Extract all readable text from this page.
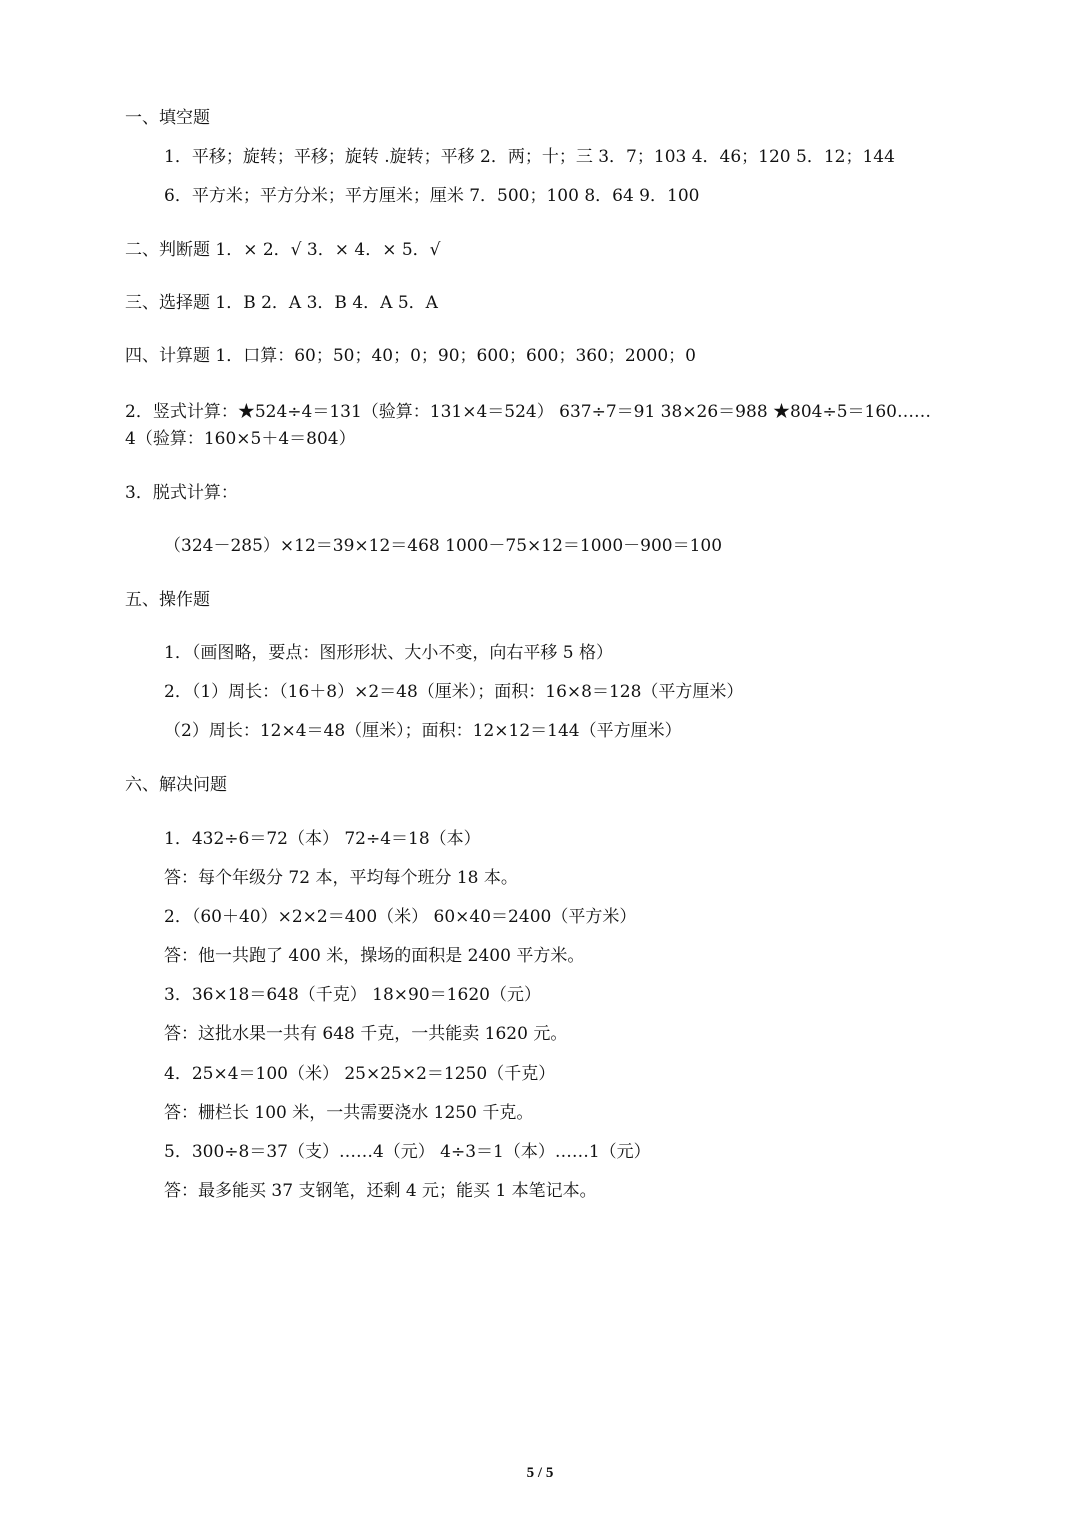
一、填空题
1．平移；旋转；平移；旋转 .旋转；平移 2．两；十；三 3．7；103 4．46；120 5．12；144
6．平方米；平方分米；平方厘米；厘米 7．500；100 8．64 9．100
二、判断题 1．× 2．√ 3．× 4．× 5．√
三、选择题 1．B 2．A 3．B 4．A 5．A
四、计算题 1．口算：60；50；40；0；90；600；600；360；2000；0
2．竖式计算：★524÷4＝131（验算：131×4＝524） 637÷7＝91 38×26＝988 ★804÷5＝160……
4（验算：160×5＋4＝804）
3．脱式计算：
（324－285）×12＝39×12＝468 1000－75×12＝1000－900＝100
五、操作题
1．（画图略，要点：图形形状、大小不变，向右平移 5 格）
2．（1）周长：（16＋8）×2＝48（厘米）；面积：16×8＝128（平方厘米）
（2）周长：12×4＝48（厘米）；面积：12×12＝144（平方厘米）
六、解决问题
1．432÷6＝72（本） 72÷4＝18（本）
答：每个年级分 72 本，平均每个班分 18 本。
2．（60＋40）×2×2＝400（米） 60×40＝2400（平方米）
答：他一共跑了 400 米，操场的面积是 2400 平方米。
3．36×18＝648（千克） 18×90＝1620（元）
答：这批水果一共有 648 千克，一共能卖 1620 元。
4．25×4＝100（米） 25×25×2＝1250（千克）
答：栅栏长 100 米，一共需要浇水 1250 千克。
5．300÷8＝37（支）……4（元） 4÷3＝1（本）……1（元）
答：最多能买 37 支钢笔，还剩 4 元；能买 1 本笔记本。
5 / 5
